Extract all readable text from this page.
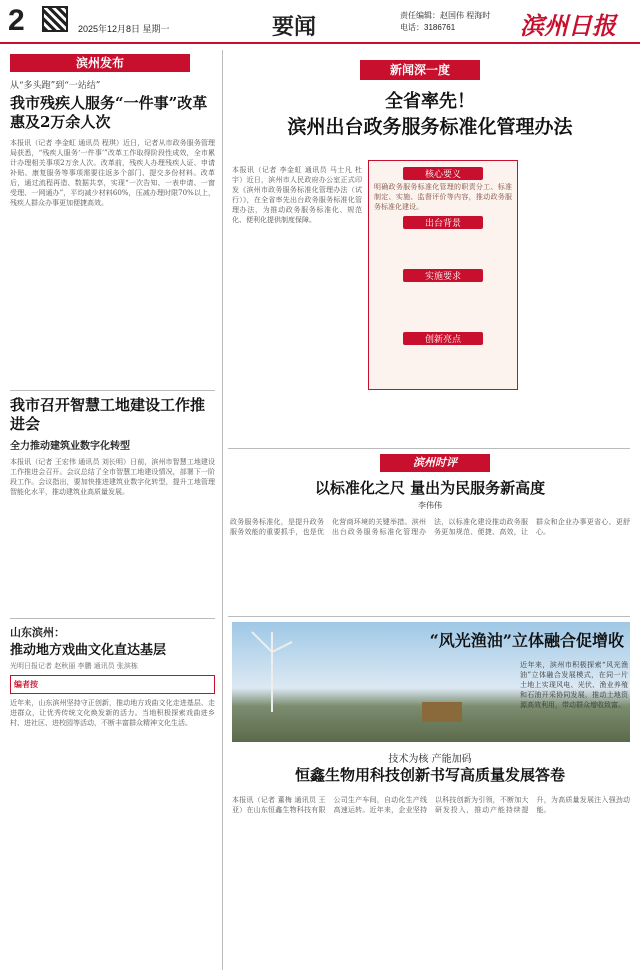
2	2025年12月8日 星期一	要闻	责任编辑：赵国伟 程海时
电话：3186761	滨州日报
滨州发布
从“多头跑”到“一站结”
我市残疾人服务“一件事”改革惠及2万余人次
本报讯（记者 李金虹 通讯员 程琪）近日，记者从市政务服务管理局获悉，“残疾人服务‘一件事’”改革工作取得阶段性成效，全市累计办理相关事项2万余人次。改革前，残疾人办理残疾人证、申请补贴、康复服务等事项需要往返多个部门、提交多份材料。改革后，通过流程再造、数据共享，实现“一次告知、一表申请、一窗受理、一网通办”，平均减少材料60%，压减办理时限70%以上，残疾人群众办事更加便捷高效。
我市召开智慧工地建设工作推进会
全力推动建筑业数字化转型
本报讯（记者 王宏伟 通讯员 刘长明）日前，滨州市智慧工地建设工作推进会召开。会议总结了全市智慧工地建设情况，部署下一阶段工作。会议指出，要加快推进建筑业数字化转型，提升工地管理智能化水平，推动建筑业高质量发展。
山东滨州：
推动地方戏曲文化直达基层
光明日报记者 赵秋丽 李鹏 通讯员 张滨栋
编者按
近年来，山东滨州坚持守正创新，推动地方戏曲文化走进基层、走进群众，让优秀传统文化焕发新的活力。当地积极探索戏曲进乡村、进社区、进校园等活动，不断丰富群众精神文化生活。
新闻深一度
全省率先！
滨州出台政务服务标准化管理办法
本报讯（记者 李金虹 通讯员 马士凡 杜宇）近日，滨州市人民政府办公室正式印发《滨州市政务服务标准化管理办法（试行）》，在全省率先出台政务服务标准化管理办法，为推动政务服务标准化、规范化、便利化提供制度保障。
核心要义
明确政务服务标准化管理的职责分工、标准制定、实施、监督评价等内容，推动政务服务标准化建设。
出台背景
实施要求
创新亮点
滨州时评
以标准化之尺 量出为民服务新高度
李伟伟
政务服务标准化，是提升政务服务效能的重要抓手，也是优化营商环境的关键举措。滨州出台政务服务标准化管理办法，以标准化建设推动政务服务更加规范、便捷、高效，让群众和企业办事更省心、更舒心。
“风光渔油”立体融合促增收
近年来，滨州市积极探索“风光渔油”立体融合发展模式，在同一片土地上实现风电、光伏、渔业养殖和石油开采协同发展，推动土地资源高效利用，带动群众增收致富。
技术为核 产能加码
恒鑫生物用科技创新书写高质量发展答卷
本报讯（记者 董梅 通讯员 王亚）在山东恒鑫生物科技有限公司生产车间，自动化生产线高速运转。近年来，企业坚持以科技创新为引领，不断加大研发投入，推动产能持续提升，为高质量发展注入强劲动能。
